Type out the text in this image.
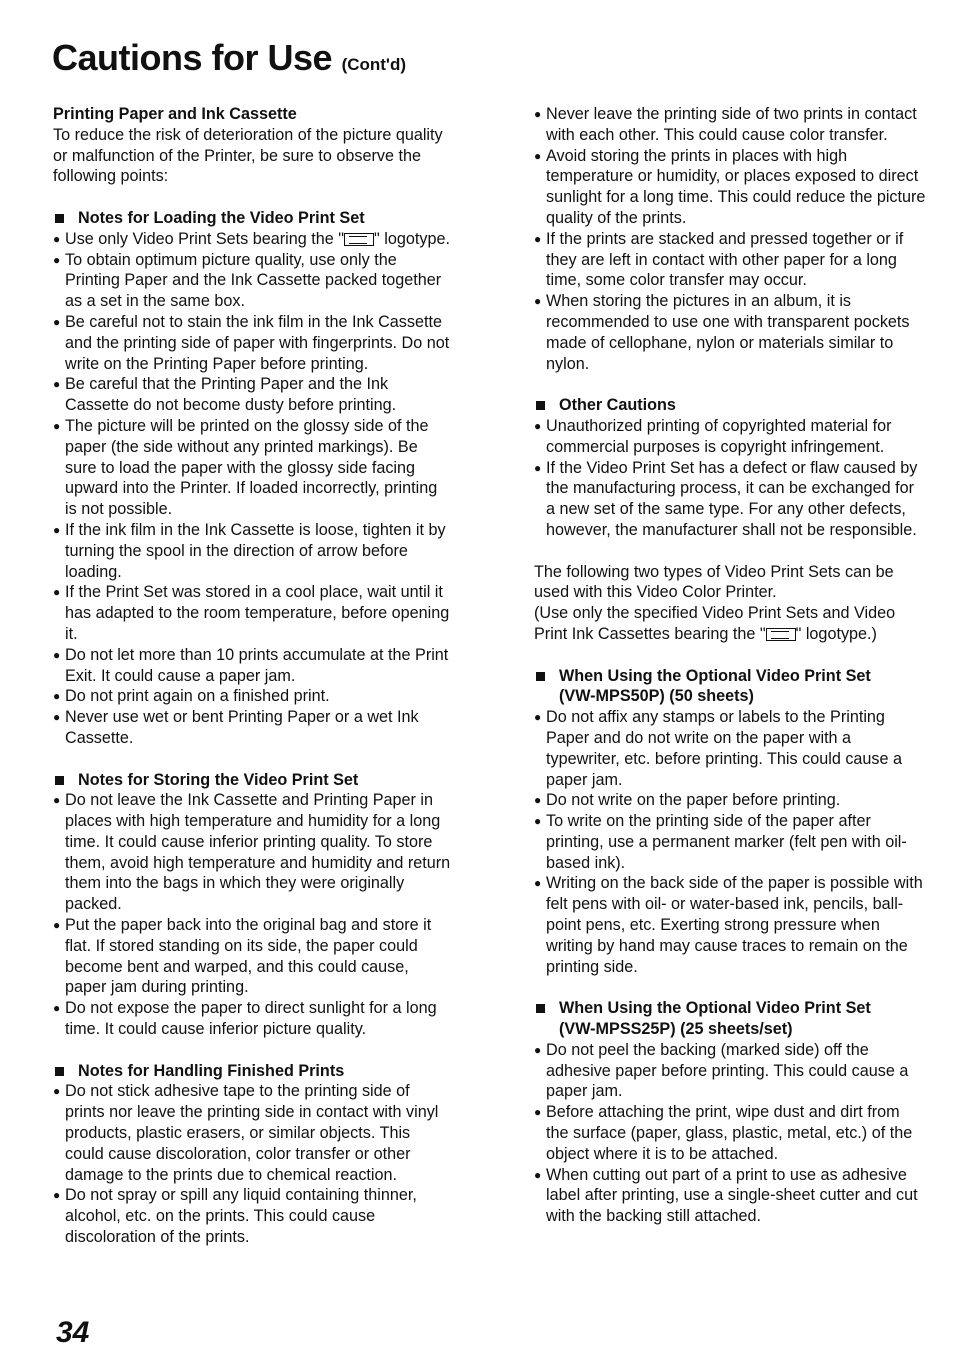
Cautions for Use (Cont'd)

Printing Paper and Ink Cassette

To reduce the risk of deterioration of the picture quality or malfunction of the Printer, be sure to observe the following points:

Notes for Loading the Video Print Set
● Use only Video Print Sets bearing the " " logotype.
● To obtain optimum picture quality, use only the Printing Paper and the Ink Cassette packed together as a set in the same box.
● Be careful not to stain the ink film in the Ink Cassette and the printing side of paper with fingerprints. Do not write on the Printing Paper before printing.
● Be careful that the Printing Paper and the Ink Cassette do not become dusty before printing.
● The picture will be printed on the glossy side of the paper (the side without any printed markings). Be sure to load the paper with the glossy side facing upward into the Printer. If loaded incorrectly, printing is not possible.
● If the ink film in the Ink Cassette is loose, tighten it by turning the spool in the direction of arrow before loading.
● If the Print Set was stored in a cool place, wait until it has adapted to the room temperature, before opening it.
● Do not let more than 10 prints accumulate at the Print Exit. It could cause a paper jam.
● Do not print again on a finished print.
● Never use wet or bent Printing Paper or a wet Ink Cassette.
Notes for Storing the Video Print Set
● Do not leave the Ink Cassette and Printing Paper in places with high temperature and humidity for a long time. It could cause inferior printing quality. To store them, avoid high temperature and humidity and return them into the bags in which they were originally packed.
● Put the paper back into the original bag and store it flat. If stored standing on its side, the paper could become bent and warped, and this could cause, paper jam during printing.
● Do not expose the paper to direct sunlight for a long time. It could cause inferior picture quality.
Notes for Handling Finished Prints
● Do not stick adhesive tape to the printing side of prints nor leave the printing side in contact with vinyl products, plastic erasers, or similar objects. This could cause discoloration, color transfer or other damage to the prints due to chemical reaction.
● Do not spray or spill any liquid containing thinner, alcohol, etc. on the prints. This could cause discoloration of the prints.
● Never leave the printing side of two prints in contact with each other. This could cause color transfer.
● Avoid storing the prints in places with high temperature or humidity, or places exposed to direct sunlight for a long time. This could reduce the picture quality of the prints.
● If the prints are stacked and pressed together or if they are left in contact with other paper for a long time, some color transfer may occur.
● When storing the pictures in an album, it is recommended to use one with transparent pockets made of cellophane, nylon or materials similar to nylon.
Other Cautions
● Unauthorized printing of copyrighted material for commercial purposes is copyright infringement.
● If the Video Print Set has a defect or flaw caused by the manufacturing process, it can be exchanged for a new set of the same type. For any other defects, however, the manufacturer shall not be responsible.

The following two types of Video Print Sets can be used with this Video Color Printer.

(Use only the specified Video Print Sets and Video Print Ink Cassettes bearing the " " logotype.)

When Using the Optional Video Print Set
(VW-MPS50P) (50 sheets)
● Do not affix any stamps or labels to the Printing Paper and do not write on the paper with a typewriter, etc. before printing. This could cause a paper jam.
● Do not write on the paper before printing.
● To write on the printing side of the paper after printing, use a permanent marker (felt pen with oil-based ink).
● Writing on the back side of the paper is possible with felt pens with oil- or water-based ink, pencils, ball-point pens, etc. Exerting strong pressure when writing by hand may cause traces to remain on the printing side.
When Using the Optional Video Print Set
(VW-MPSS25P) (25 sheets/set)
● Do not peel the backing (marked side) off the adhesive paper before printing. This could cause a paper jam.
● Before attaching the print, wipe dust and dirt from the surface (paper, glass, plastic, metal, etc.) of the object where it is to be attached.
● When cutting out part of a print to use as adhesive label after printing, use a single-sheet cutter and cut with the backing still attached.
34
